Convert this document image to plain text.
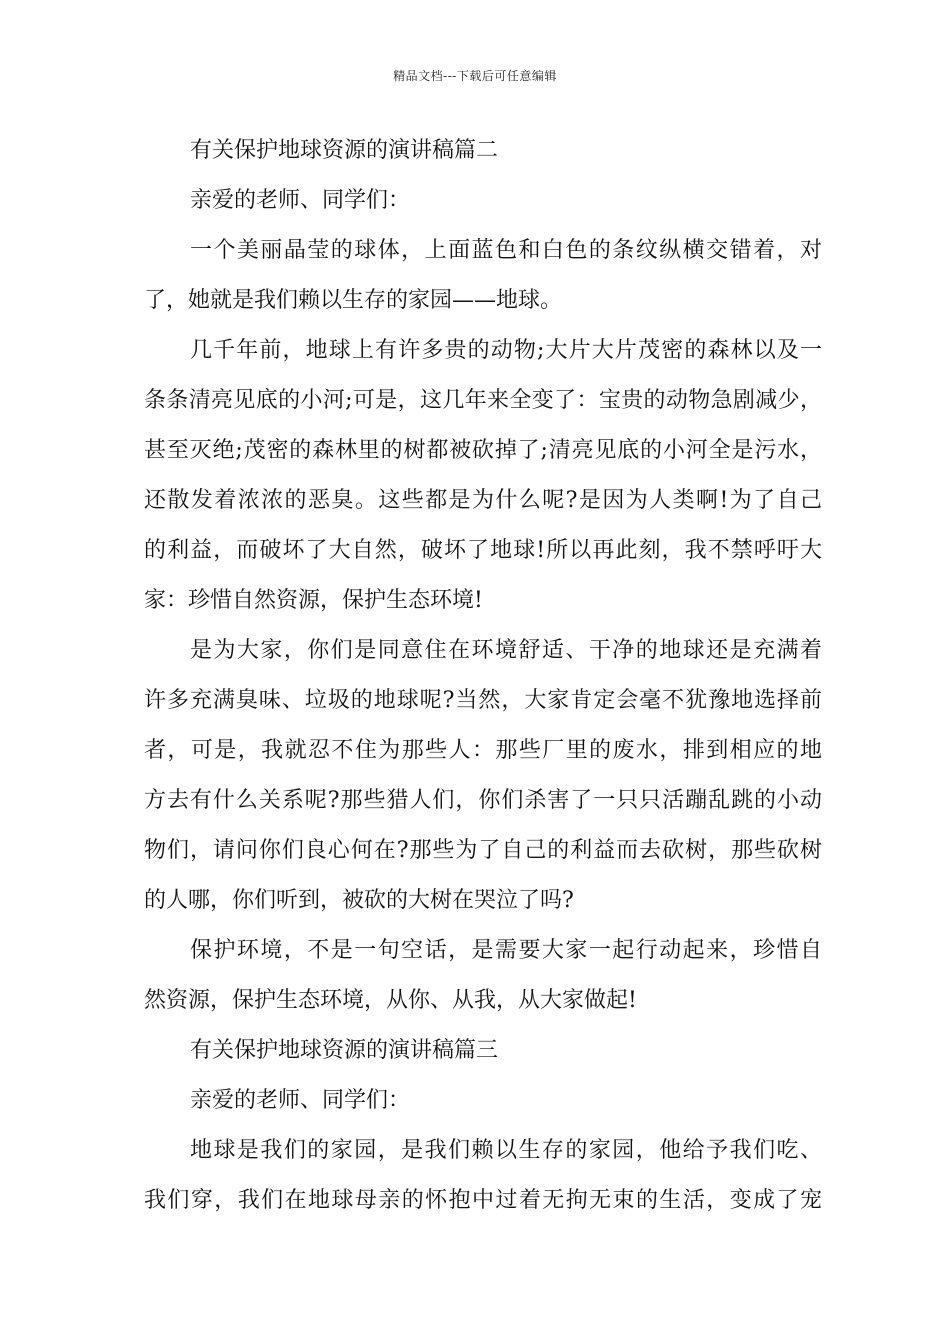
精品文档---下载后可任意编辑
有关保护地球资源的演讲稿篇二
亲爱的老师、同学们：
一个美丽晶莹的球体，上面蓝色和白色的条纹纵横交错着，对
了，她就是我们赖以生存的家园——地球。
几千年前，地球上有许多贵的动物;大片大片茂密的森林以及一
条条清亮见底的小河;可是，这几年来全变了：宝贵的动物急剧减少，
甚至灭绝;茂密的森林里的树都被砍掉了;清亮见底的小河全是污水，
还散发着浓浓的恶臭。这些都是为什么呢?是因为人类啊!为了自己
的利益，而破坏了大自然，破坏了地球!所以再此刻，我不禁呼吁大
家：珍惜自然资源，保护生态环境!
是为大家，你们是同意住在环境舒适、干净的地球还是充满着
许多充满臭味、垃圾的地球呢?当然，大家肯定会毫不犹豫地选择前
者，可是，我就忍不住为那些人：那些厂里的废水，排到相应的地
方去有什么关系呢?那些猎人们，你们杀害了一只只活蹦乱跳的小动
物们，请问你们良心何在?那些为了自己的利益而去砍树，那些砍树
的人哪，你们听到，被砍的大树在哭泣了吗?
保护环境，不是一句空话，是需要大家一起行动起来，珍惜自
然资源，保护生态环境，从你、从我，从大家做起!
有关保护地球资源的演讲稿篇三
亲爱的老师、同学们：
地球是我们的家园，是我们赖以生存的家园，他给予我们吃、
我们穿，我们在地球母亲的怀抱中过着无拘无束的生活，变成了宠
